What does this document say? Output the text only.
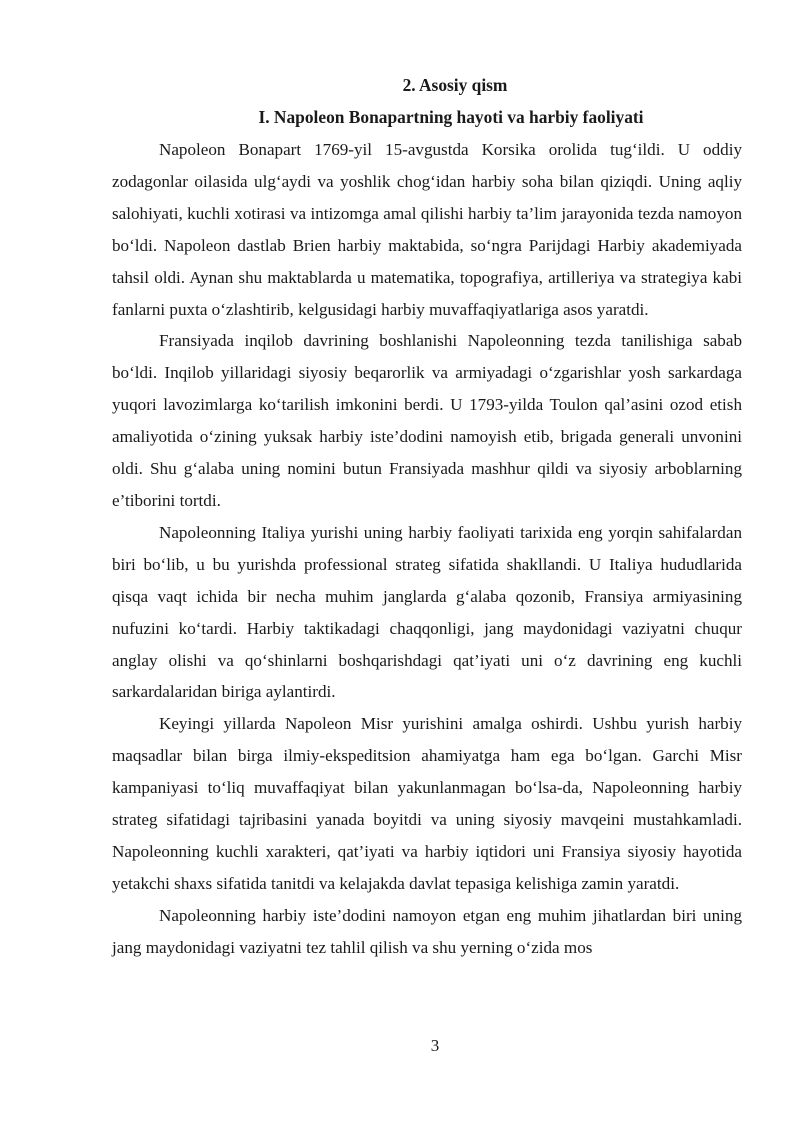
2. Asosiy qism
I. Napoleon Bonapartning hayoti va harbiy faoliyati

Napoleon Bonapart 1769-yil 15-avgustda Korsika orolida tug‘ildi. U oddiy zodagonlar oilasida ulg‘aydi va yoshlik chog‘idan harbiy soha bilan qiziqdi. Uning aqliy salohiyati, kuchli xotirasi va intizomga amal qilishi harbiy ta’lim jarayonida tezda namoyon bo‘ldi. Napoleon dastlab Brien harbiy maktabida, so‘ngra Parijdagi Harbiy akademiyada tahsil oldi. Aynan shu maktablarda u matematika, topografiya, artilleriya va strategiya kabi fanlarni puxta o‘zlashtirib, kelgusidagi harbiy muvaffaqiyatlariga asos yaratdi.

Fransiyada inqilob davrining boshlanishi Napoleonning tezda tanilishiga sabab bo‘ldi. Inqilob yillaridagi siyosiy beqarorlik va armiyadagi o‘zgarishlar yosh sarkardaga yuqori lavozimlarga ko‘tarilish imkonini berdi. U 1793-yilda Toulon qal’asini ozod etish amaliyotida o‘zining yuksak harbiy iste’dodini namoyish etib, brigada generali unvonini oldi. Shu g‘alaba uning nomini butun Fransiyada mashhur qildi va siyosiy arboblarning e’tiborini tortdi.

Napoleonning Italiya yurishi uning harbiy faoliyati tarixida eng yorqin sahifalardan biri bo‘lib, u bu yurishda professional strateg sifatida shakllandi. U Italiya hududlarida qisqa vaqt ichida bir necha muhim janglarda g‘alaba qozonib, Fransiya armiyasining nufuzini ko‘tardi. Harbiy taktikadagi chaqqonligi, jang maydonidagi vaziyatni chuqur anglay olishi va qo‘shinlarni boshqarishdagi qat’iyati uni o‘z davrining eng kuchli sarkardalaridan biriga aylantirdi.

Keyingi yillarda Napoleon Misr yurishini amalga oshirdi. Ushbu yurish harbiy maqsadlar bilan birga ilmiy-ekspeditsion ahamiyatga ham ega bo‘lgan. Garchi Misr kampaniyasi to‘liq muvaffaqiyat bilan yakunlanmagan bo‘lsa-da, Napoleonning harbiy strateg sifatidagi tajribasini yanada boyitdi va uning siyosiy mavqeini mustahkamladi. Napoleonning kuchli xarakteri, qat’iyati va harbiy iqtidori uni Fransiya siyosiy hayotida yetakchi shaxs sifatida tanitdi va kelajakda davlat tepasiga kelishiga zamin yaratdi.

Napoleonning harbiy iste’dodini namoyon etgan eng muhim jihatlardan biri uning jang maydonidagi vaziyatni tez tahlil qilish va shu yerning o‘zida mos

3
